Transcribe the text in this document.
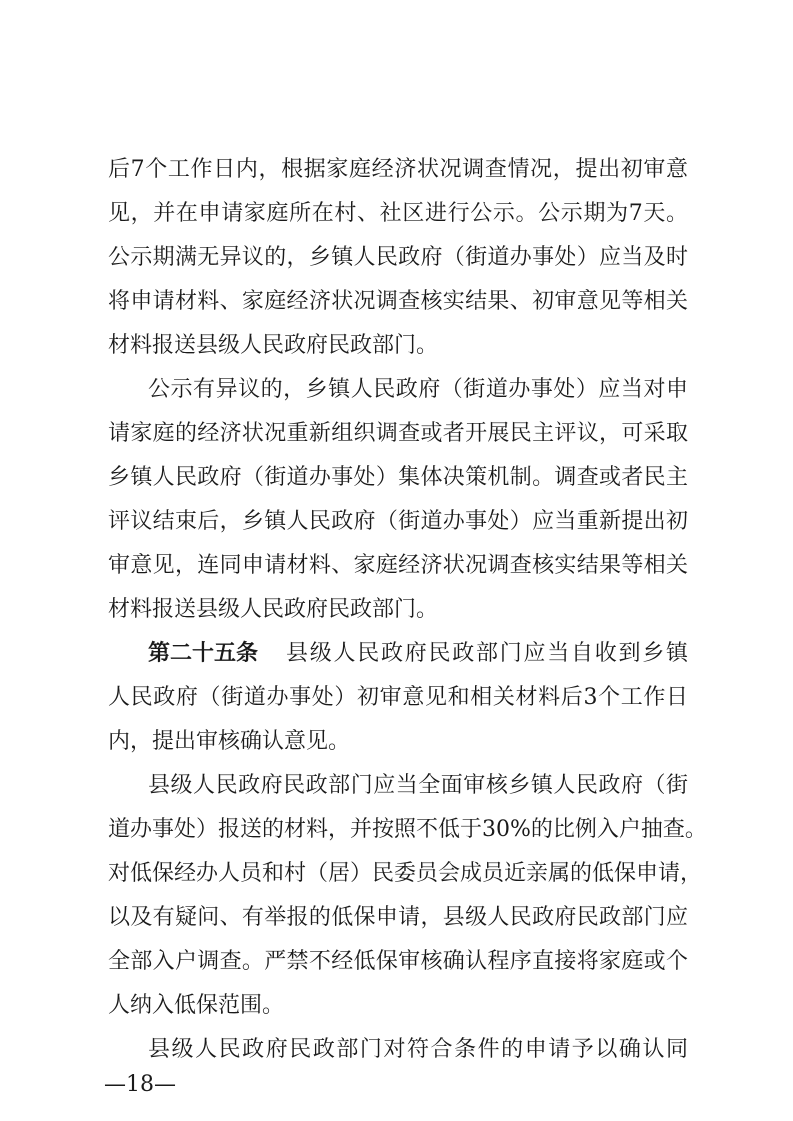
后7个工作日内，根据家庭经济状况调查情况，提出初审意
见，并在申请家庭所在村、社区进行公示。公示期为7天。
公示期满无异议的，乡镇人民政府（街道办事处）应当及时
将申请材料、家庭经济状况调查核实结果、初审意见等相关
材料报送县级人民政府民政部门。
公示有异议的，乡镇人民政府（街道办事处）应当对申
请家庭的经济状况重新组织调查或者开展民主评议，可采取
乡镇人民政府（街道办事处）集体决策机制。调查或者民主
评议结束后，乡镇人民政府（街道办事处）应当重新提出初
审意见，连同申请材料、家庭经济状况调查核实结果等相关
材料报送县级人民政府民政部门。
第二十五条	县级人民政府民政部门应当自收到乡镇
人民政府（街道办事处）初审意见和相关材料后3个工作日
内，提出审核确认意见。
县级人民政府民政部门应当全面审核乡镇人民政府（街
道办事处）报送的材料，并按照不低于30%的比例入户抽查。
对低保经办人员和村（居）民委员会成员近亲属的低保申请，
以及有疑问、有举报的低保申请，县级人民政府民政部门应
全部入户调查。严禁不经低保审核确认程序直接将家庭或个
人纳入低保范围。
县级人民政府民政部门对符合条件的申请予以确认同
—18—
